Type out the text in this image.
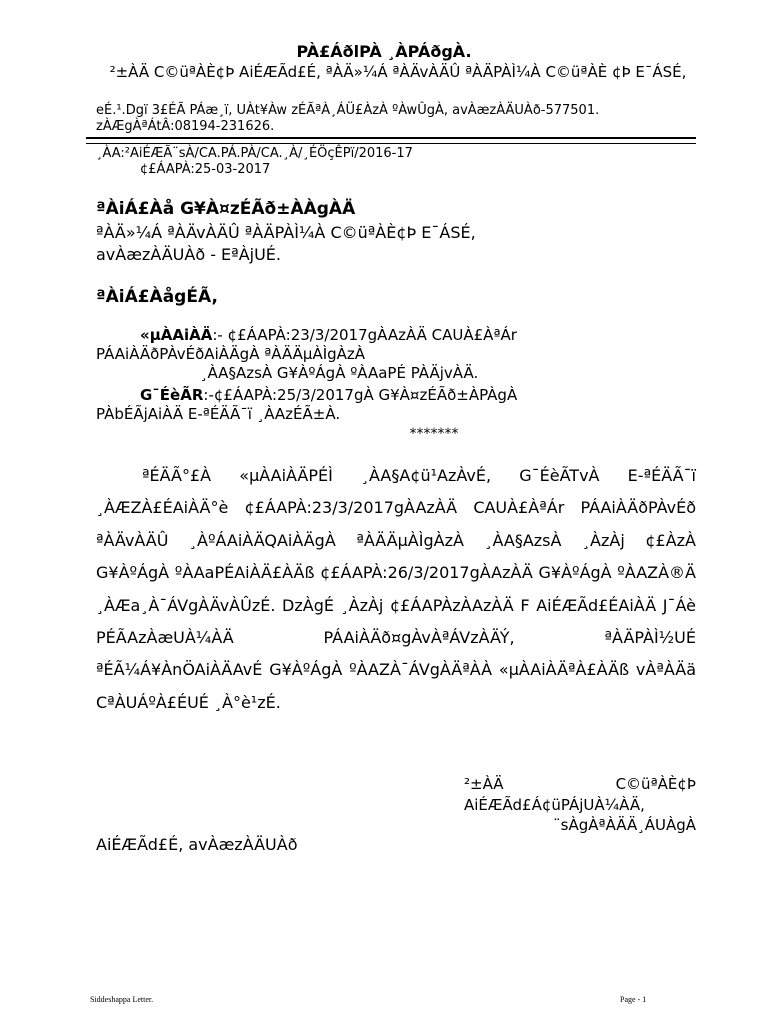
PÀ£ÁðlPÀ ¸ÀPÁðgÀ.
²±ÀÄ C©üªÀÈ¢Þ AiÉÆÃd£É, ªÀÄ»¼Á ªÀÄvÀÄÛ ªÀÄPÀÌ¼À C©üªÀÈ ¢Þ E¯ÁSÉ,
eÉ.¹.Dgï 3£ÉÃ PÁæ¸ï, UÀt¥Àw zÉÃªÀ¸ÁÜ£ÀzÀ ºÀwÛgÀ, avÀæzÀÄUÀð-577501.
zÀÆgÀªÁtÂ:08194-231626.
¸ÀA:²AiÉÆÃ¨sÀ/CA.PÁ.PÀ/CA.¸À/¸ÉÖçÊPï/2016-17
¢£ÁAPÀ:25-03-2017
ªÀiÁ£Àå G¥À¤zÉÃð±ÀÀgÀÄ
ªÀÄ»¼Á ªÀÄvÀÄÛ ªÀÄPÀÌ¼À C©üªÀÈ¢Þ E¯ÁSÉ,
avÀæzÀÄUÀð - EªÀjUÉ.
ªÀiÁ£ÀågÉÃ,
«µÀAiÀÄ:- ¢£ÁAPÀ:23/3/2017gÀAzÀÄ CAUÀ£ÀªÁr
PÁAiÀÄðPÀvÉðAiÀÄgÀ ªÀÄÄµÀÌgÀzÀ
¸ÀA§AzsÀ G¥ÀºÁgÀ ºÀAaPÉ PÀÄjvÀÄ.
G¯ÉèÃR:-¢£ÁAPÀ:25/3/2017gÀ G¥À¤zÉÃð±ÀPÀgÀ
PÀbÉÃjAiÀÄ E-ªÉÄÃ¯ï ¸ÀAzÉÃ±À.
*******
ªÉÄÃ°£À «µÀAiÀÄPÉÌ ¸ÀA§A¢ü¹AzÀvÉ, G¯ÉèÃTvÀ E-ªÉÄÃ¯ï ¸ÀÆZÀ£ÉAiÀÄ°è ¢£ÁAPÀ:23/3/2017gÀAzÀÄ CAUÀ£ÀªÁr PÁAiÀÄðPÀvÉð ªÀÄvÀÄÛ ¸ÀºÁAiÀÄQAiÀÄgÀ ªÀÄÄµÀÌgÀzÀ ¸ÀA§AzsÀ ¸ÀzÀj ¢£ÀzÀ G¥ÀºÁgÀ ºÀAaPÉAiÀÄ£ÀÄß ¢£ÁAPÀ:26/3/2017gÀAzÀÄ G¥ÀºÁgÀ ºÀAZÀ®Ä ¸ÀÆa¸À¯ÁVgÀÄvÀÛzÉ. DzÀgÉ ¸ÀzÀj ¢£ÁAPÀzÀAzÀÄ F AiÉÆÃd£ÉAiÀÄ J¯Áè PÉÃAzÀæUÀ¼ÀÄ PÁAiÀÄð¤gÀvÀªÁVzÀÄÝ, ªÀÄPÀÌ½UÉ ªÉÃ¼Á¥ÀnÖAiÀÄAvÉ G¥ÀºÁgÀ ºÀAZÀ¯ÁVgÀÄªÀÀ «µÀAiÀÄªÀ£ÀÄß vÀªÀÄä CªÀUÁºÀ£ÉUÉ ¸À°è¹zÉ.
²±ÀÄ C©üªÀÈ¢Þ
AiÉÆÃd£Á¢üPÁjUÀ¼ÀÄ,
¨sÀgÀªÀÄÄ¸ÁUÀgÀ
AiÉÆÃd£É, avÀæzÀÄUÀð
Siddeshappa Letter.	Page - 1
